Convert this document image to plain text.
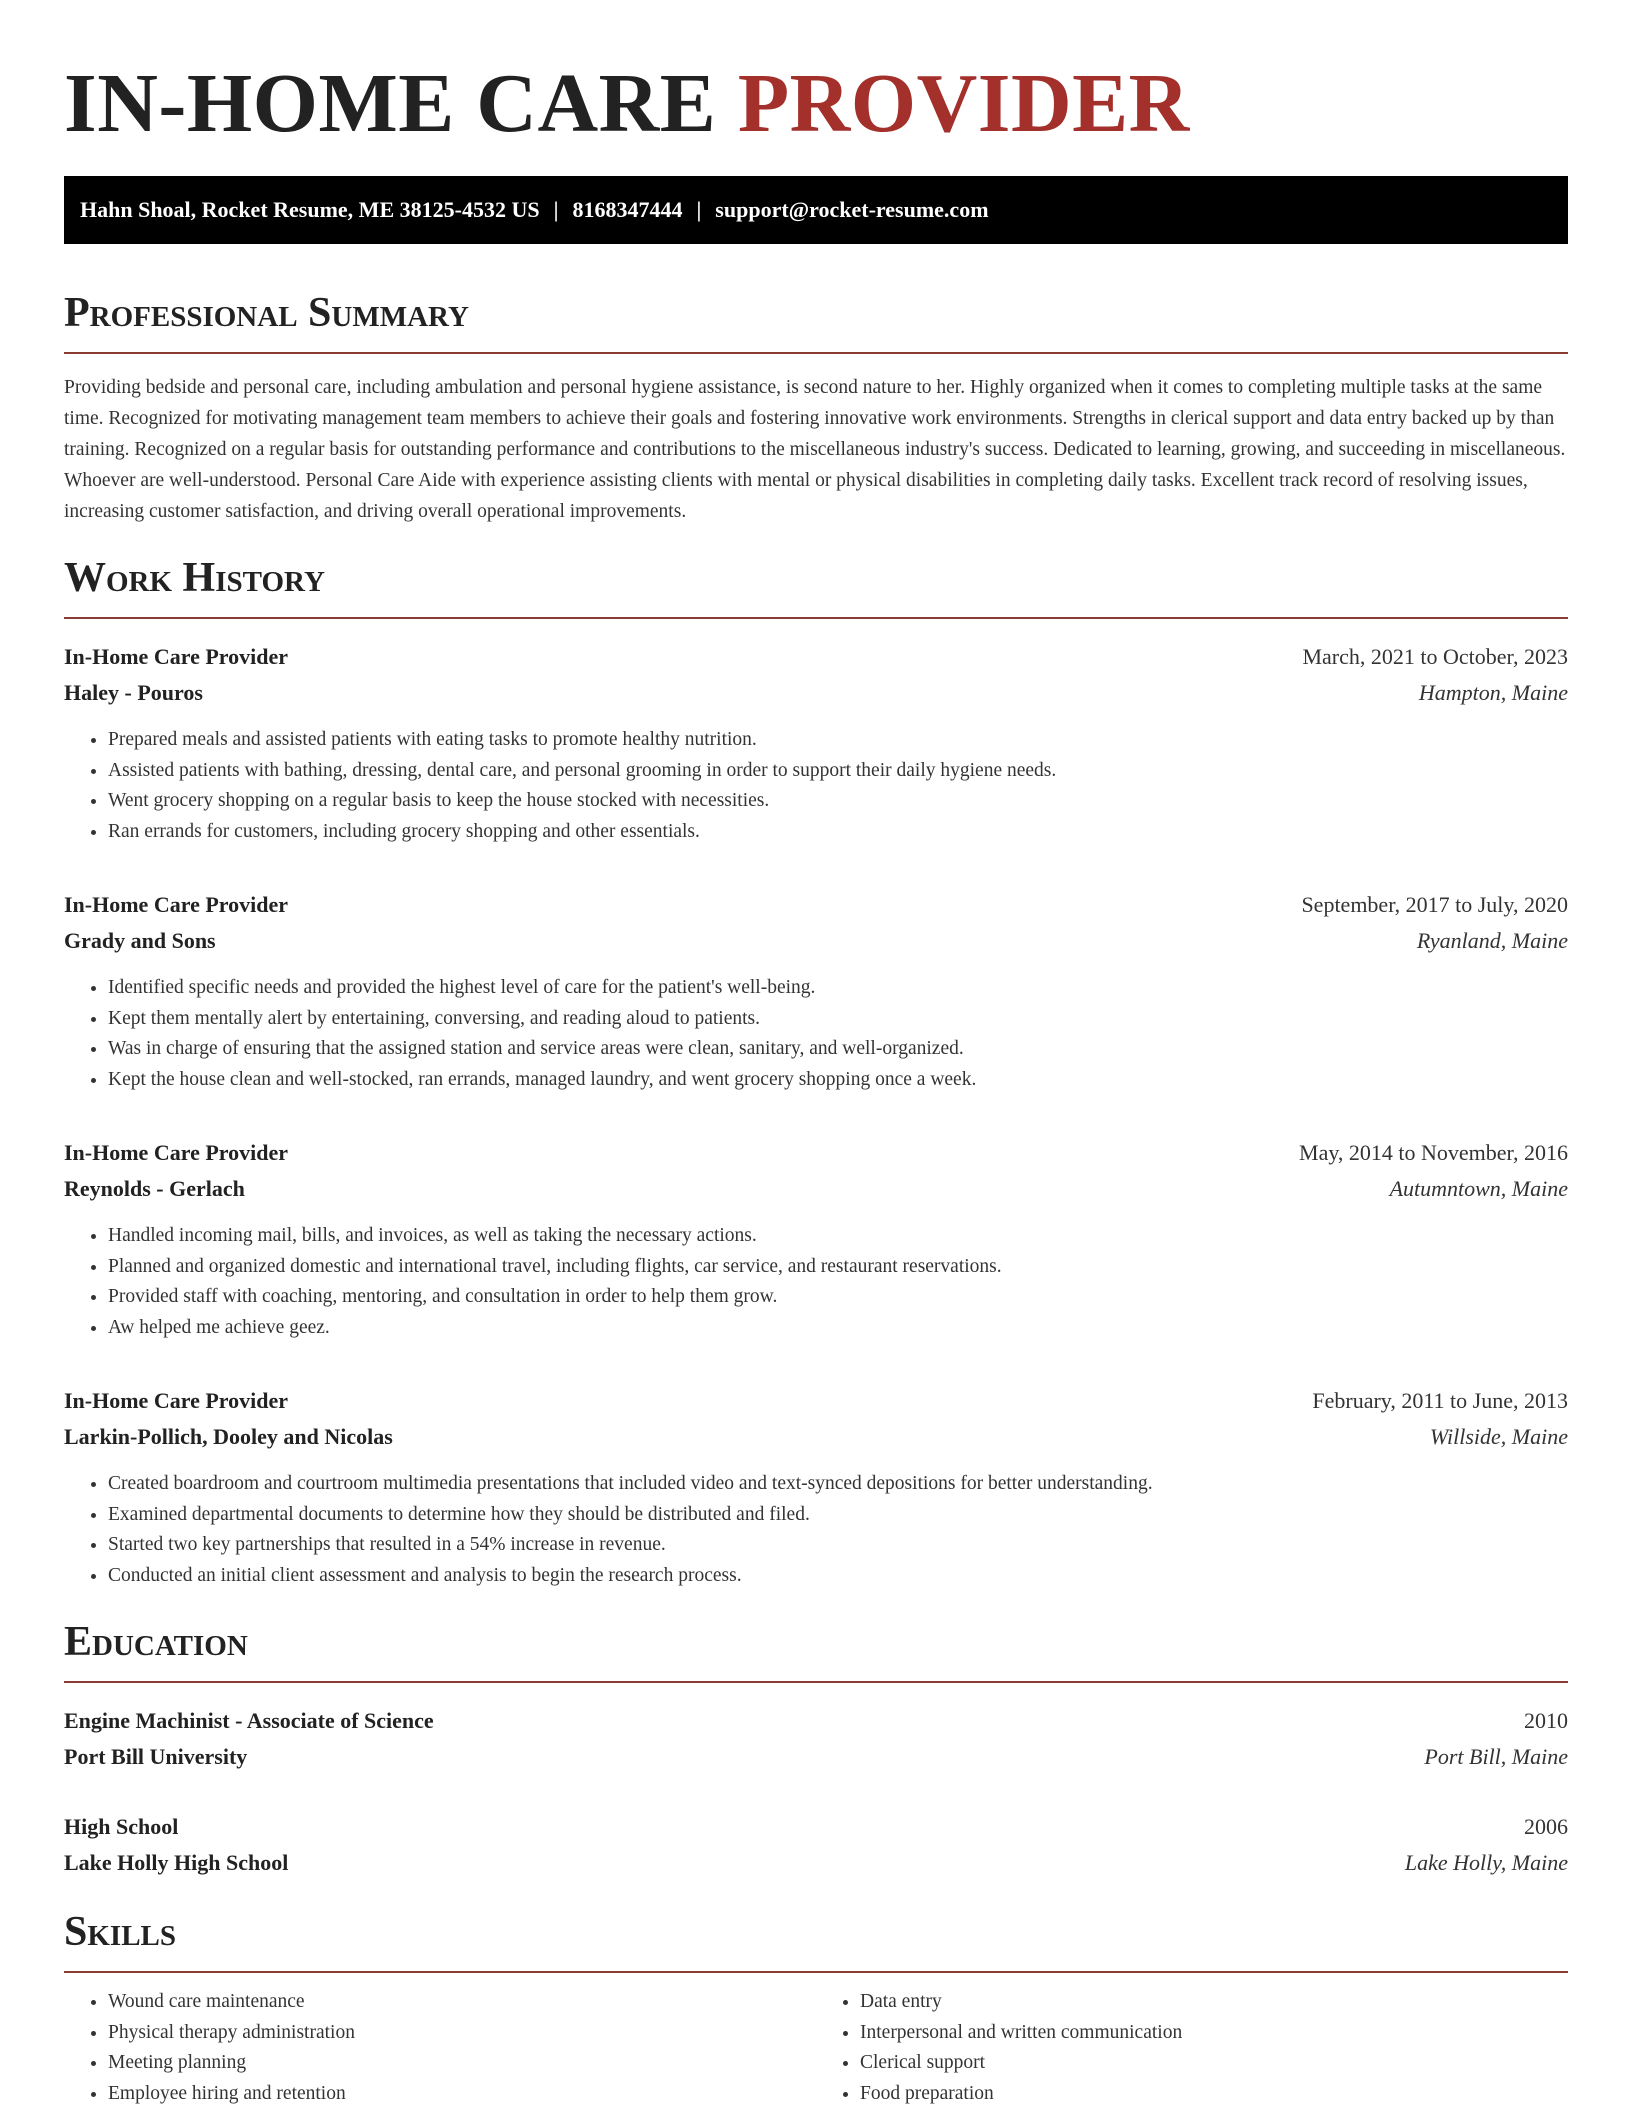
IN-HOME CARE PROVIDER
Hahn Shoal, Rocket Resume, ME 38125-4532 US | 8168347444 | support@rocket-resume.com
Professional Summary

Providing bedside and personal care, including ambulation and personal hygiene assistance, is second nature to her. Highly organized when it comes to completing multiple tasks at the same time. Recognized for motivating management team members to achieve their goals and fostering innovative work environments. Strengths in clerical support and data entry backed up by than training. Recognized on a regular basis for outstanding performance and contributions to the miscellaneous industry's success. Dedicated to learning, growing, and succeeding in miscellaneous. Whoever are well-understood. Personal Care Aide with experience assisting clients with mental or physical disabilities in completing daily tasks. Excellent track record of resolving issues, increasing customer satisfaction, and driving overall operational improvements.

Work History
In-Home Care Provider	March, 2021 to October, 2023
Haley - Pouros	Hampton, Maine
• Prepared meals and assisted patients with eating tasks to promote healthy nutrition.
• Assisted patients with bathing, dressing, dental care, and personal grooming in order to support their daily hygiene needs.
• Went grocery shopping on a regular basis to keep the house stocked with necessities.
• Ran errands for customers, including grocery shopping and other essentials.
In-Home Care Provider	September, 2017 to July, 2020
Grady and Sons	Ryanland, Maine
• Identified specific needs and provided the highest level of care for the patient's well-being.
• Kept them mentally alert by entertaining, conversing, and reading aloud to patients.
• Was in charge of ensuring that the assigned station and service areas were clean, sanitary, and well-organized.
• Kept the house clean and well-stocked, ran errands, managed laundry, and went grocery shopping once a week.
In-Home Care Provider	May, 2014 to November, 2016
Reynolds - Gerlach	Autumntown, Maine
• Handled incoming mail, bills, and invoices, as well as taking the necessary actions.
• Planned and organized domestic and international travel, including flights, car service, and restaurant reservations.
• Provided staff with coaching, mentoring, and consultation in order to help them grow.
• Aw helped me achieve geez.
In-Home Care Provider	February, 2011 to June, 2013
Larkin-Pollich, Dooley and Nicolas	Willside, Maine
• Created boardroom and courtroom multimedia presentations that included video and text-synced depositions for better understanding.
• Examined departmental documents to determine how they should be distributed and filed.
• Started two key partnerships that resulted in a 54% increase in revenue.
• Conducted an initial client assessment and analysis to begin the research process.
Education
Engine Machinist - Associate of Science	2010
Port Bill University	Port Bill, Maine
High School	2006
Lake Holly High School	Lake Holly, Maine
Skills
• Wound care maintenance
• Physical therapy administration
• Meeting planning
• Employee hiring and retention
• Data entry
• Interpersonal and written communication
• Clerical support
• Food preparation
